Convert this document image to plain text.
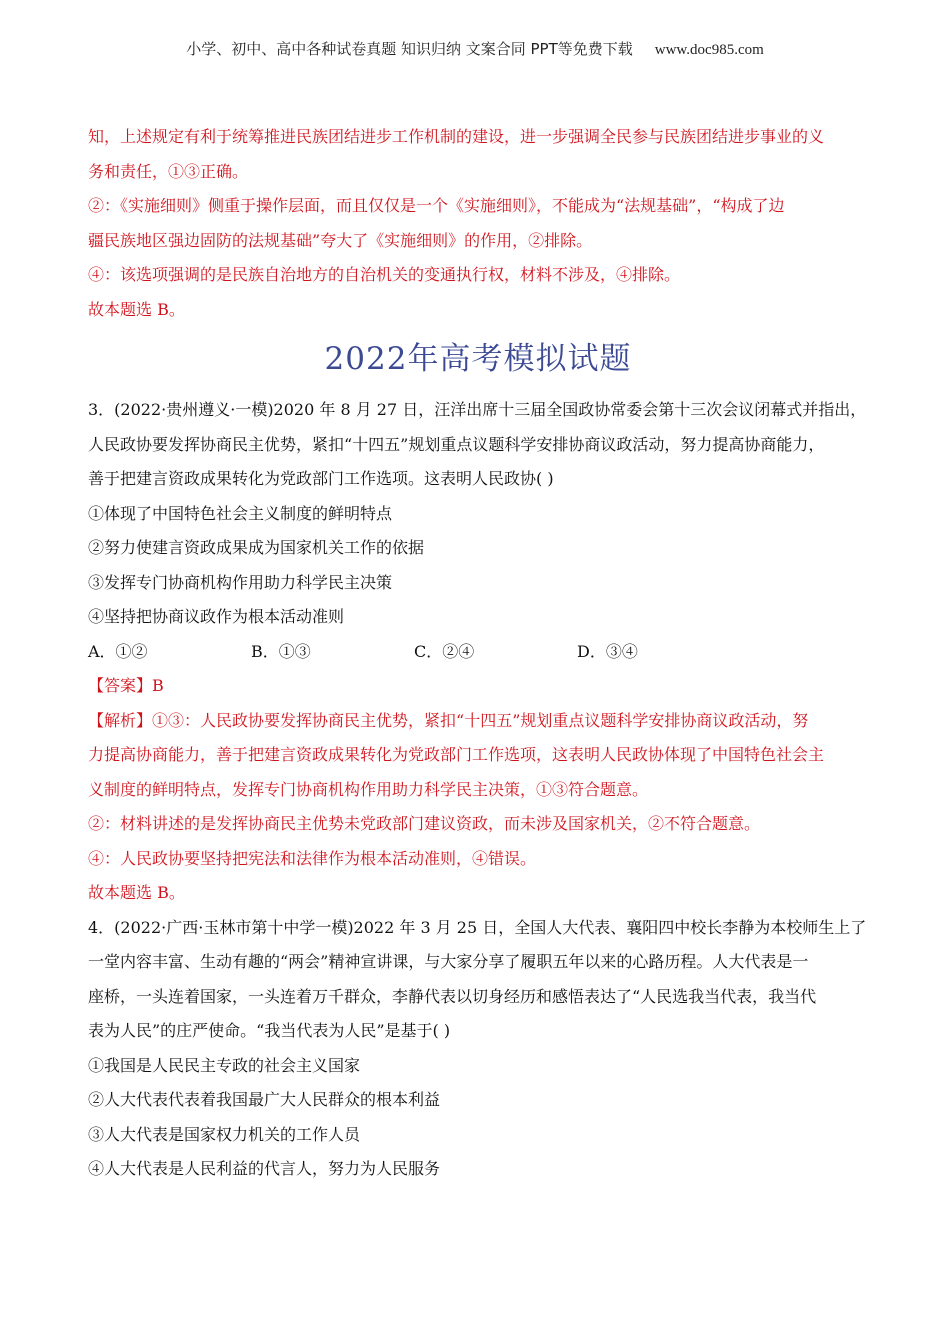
小学、初中、高中各种试卷真题 知识归纳 文案合同 PPT等免费下载 www.doc985.com
知，上述规定有利于统筹推进民族团结进步工作机制的建设，进一步强调全民参与民族团结进步事业的义
务和责任，①③正确。
②：《实施细则》侧重于操作层面，而且仅仅是一个《实施细则》，不能成为“法规基础”，“构成了边
疆民族地区强边固防的法规基础”夸大了《实施细则》的作用，②排除。
④：该选项强调的是民族自治地方的自治机关的变通执行权，材料不涉及，④排除。
故本题选 B。
2022年高考模拟试题
3．(2022·贵州遵义·一模)2020 年 8 月 27 日，汪洋出席十三届全国政协常委会第十三次会议闭幕式并指出，
人民政协要发挥协商民主优势，紧扣“十四五”规划重点议题科学安排协商议政活动，努力提高协商能力，
善于把建言资政成果转化为党政部门工作选项。这表明人民政协( )
①体现了中国特色社会主义制度的鲜明特点
②努力使建言资政成果成为国家机关工作的依据
③发挥专门协商机构作用助力科学民主决策
④坚持把协商议政作为根本活动准则
A．①②	B．①③	C．②④	D．③④
【答案】B
【解析】①③：人民政协要发挥协商民主优势，紧扣“十四五”规划重点议题科学安排协商议政活动，努
力提高协商能力，善于把建言资政成果转化为党政部门工作选项，这表明人民政协体现了中国特色社会主
义制度的鲜明特点，发挥专门协商机构作用助力科学民主决策，①③符合题意。
②：材料讲述的是发挥协商民主优势未党政部门建议资政，而未涉及国家机关，②不符合题意。
④：人民政协要坚持把宪法和法律作为根本活动准则，④错误。
故本题选 B。
4．(2022·广西·玉林市第十中学一模)2022 年 3 月 25 日，全国人大代表、襄阳四中校长李静为本校师生上了
一堂内容丰富、生动有趣的“两会”精神宣讲课，与大家分享了履职五年以来的心路历程。人大代表是一
座桥，一头连着国家，一头连着万千群众，李静代表以切身经历和感悟表达了“人民选我当代表，我当代
表为人民”的庄严使命。“我当代表为人民”是基于( )
①我国是人民民主专政的社会主义国家
②人大代表代表着我国最广大人民群众的根本利益
③人大代表是国家权力机关的工作人员
④人大代表是人民利益的代言人，努力为人民服务
